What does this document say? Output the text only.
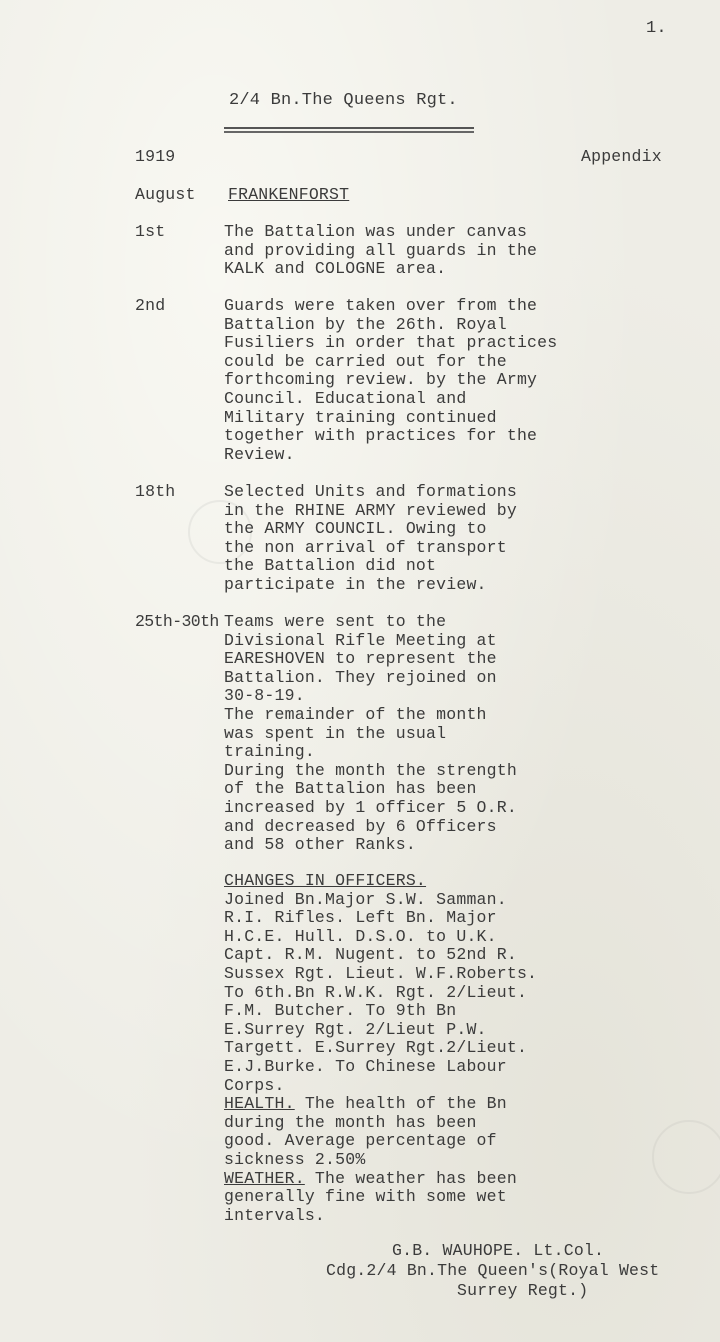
1.
2/4 Bn.The Queens Rgt.
1919	Appendix
August FRANKENFORST
1st	The Battalion was under canvas
and providing all guards in the
KALK and COLOGNE area.
2nd	Guards were taken over from the
Battalion by the 26th. Royal
Fusiliers in order that practices
could be carried out for the
forthcoming review. by the Army
Council. Educational and
Military training continued
together with practices for the
Review.
18th	Selected Units and formations
in the RHINE ARMY reviewed by
the ARMY COUNCIL. Owing to
the non arrival of transport
the Battalion did not
participate in the review.
25th-30th Teams were sent to the
Divisional Rifle Meeting at
EARESHOVEN to represent the
Battalion. They rejoined on
30-8-19.
The remainder of the month
was spent in the usual
training.
During the month the strength
of the Battalion has been
increased by 1 officer 5 O.R.
and decreased by 6 Officers
and 58 other Ranks.
CHANGES IN OFFICERS.
Joined Bn.Major S.W. Samman.
R.I. Rifles. Left Bn. Major
H.C.E. Hull. D.S.O. to U.K.
Capt. R.M. Nugent. to 52nd R.
Sussex Rgt. Lieut. W.F.Roberts.
To 6th.Bn R.W.K. Rgt. 2/Lieut.
F.M. Butcher. To 9th Bn
E.Surrey Rgt. 2/Lieut P.W.
Targett. E.Surrey Rgt.2/Lieut.
E.J.Burke. To Chinese Labour
Corps.
HEALTH. The health of the Bn
during the month has been
good. Average percentage of
sickness 2.50%
WEATHER. The weather has been
generally fine with some wet
intervals.
G.B. WAUHOPE. Lt.Col.
Cdg.2/4 Bn.The Queen's(Royal West
Surrey Regt.)
